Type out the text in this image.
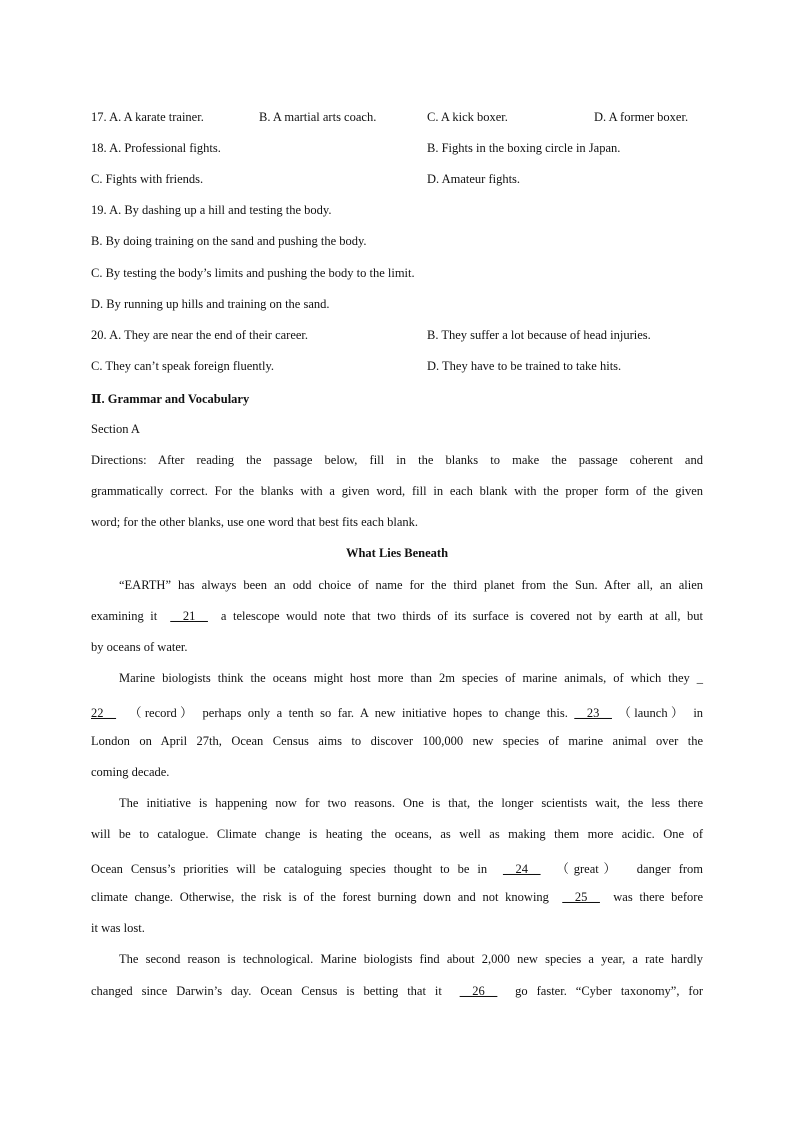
17. A. A karate trainer.	B. A martial arts coach.	C. A kick boxer.	D. A former boxer.
18. A. Professional fights.	B. Fights in the boxing circle in Japan.
C. Fights with friends.	D. Amateur fights.
19. A. By dashing up a hill and testing the body.
B. By doing training on the sand and pushing the body.
C. By testing the body’s limits and pushing the body to the limit.
D. By running up hills and training on the sand.
20. A. They are near the end of their career.	B. They suffer a lot because of head injuries.
C. They can’t speak foreign fluently.	D. They have to be trained to take hits.
Ⅱ. Grammar and Vocabulary
Section A
Directions: After reading the passage below, fill in the blanks to make the passage coherent and
grammatically correct. For the blanks with a given word, fill in each blank with the proper form of the given
word; for the other blanks, use one word that best fits each blank.
What Lies Beneath
“EARTH” has always been an odd choice of name for the third planet from the Sun. After all, an alien
examining it __21__ a telescope would note that two thirds of its surface is covered not by earth at all, but
by oceans of water.
Marine biologists think the oceans might host more than 2m species of marine animals, of which they _
22__ （record） perhaps only a tenth so far. A new initiative hopes to change this. __23__ （launch） in
London on April 27th, Ocean Census aims to discover 100,000 new species of marine animal over the
coming decade.
The initiative is happening now for two reasons. One is that, the longer scientists wait, the less there
will be to catalogue. Climate change is heating the oceans, as well as making them more acidic. One of
Ocean Census’s priorities will be cataloguing species thought to be in __24__ （great） danger from
climate change. Otherwise, the risk is of the forest burning down and not knowing __25__ was there before
it was lost.
The second reason is technological. Marine biologists find about 2,000 new species a year, a rate hardly
changed since Darwin’s day. Ocean Census is betting that it __26__ go faster. “Cyber taxonomy”, for
